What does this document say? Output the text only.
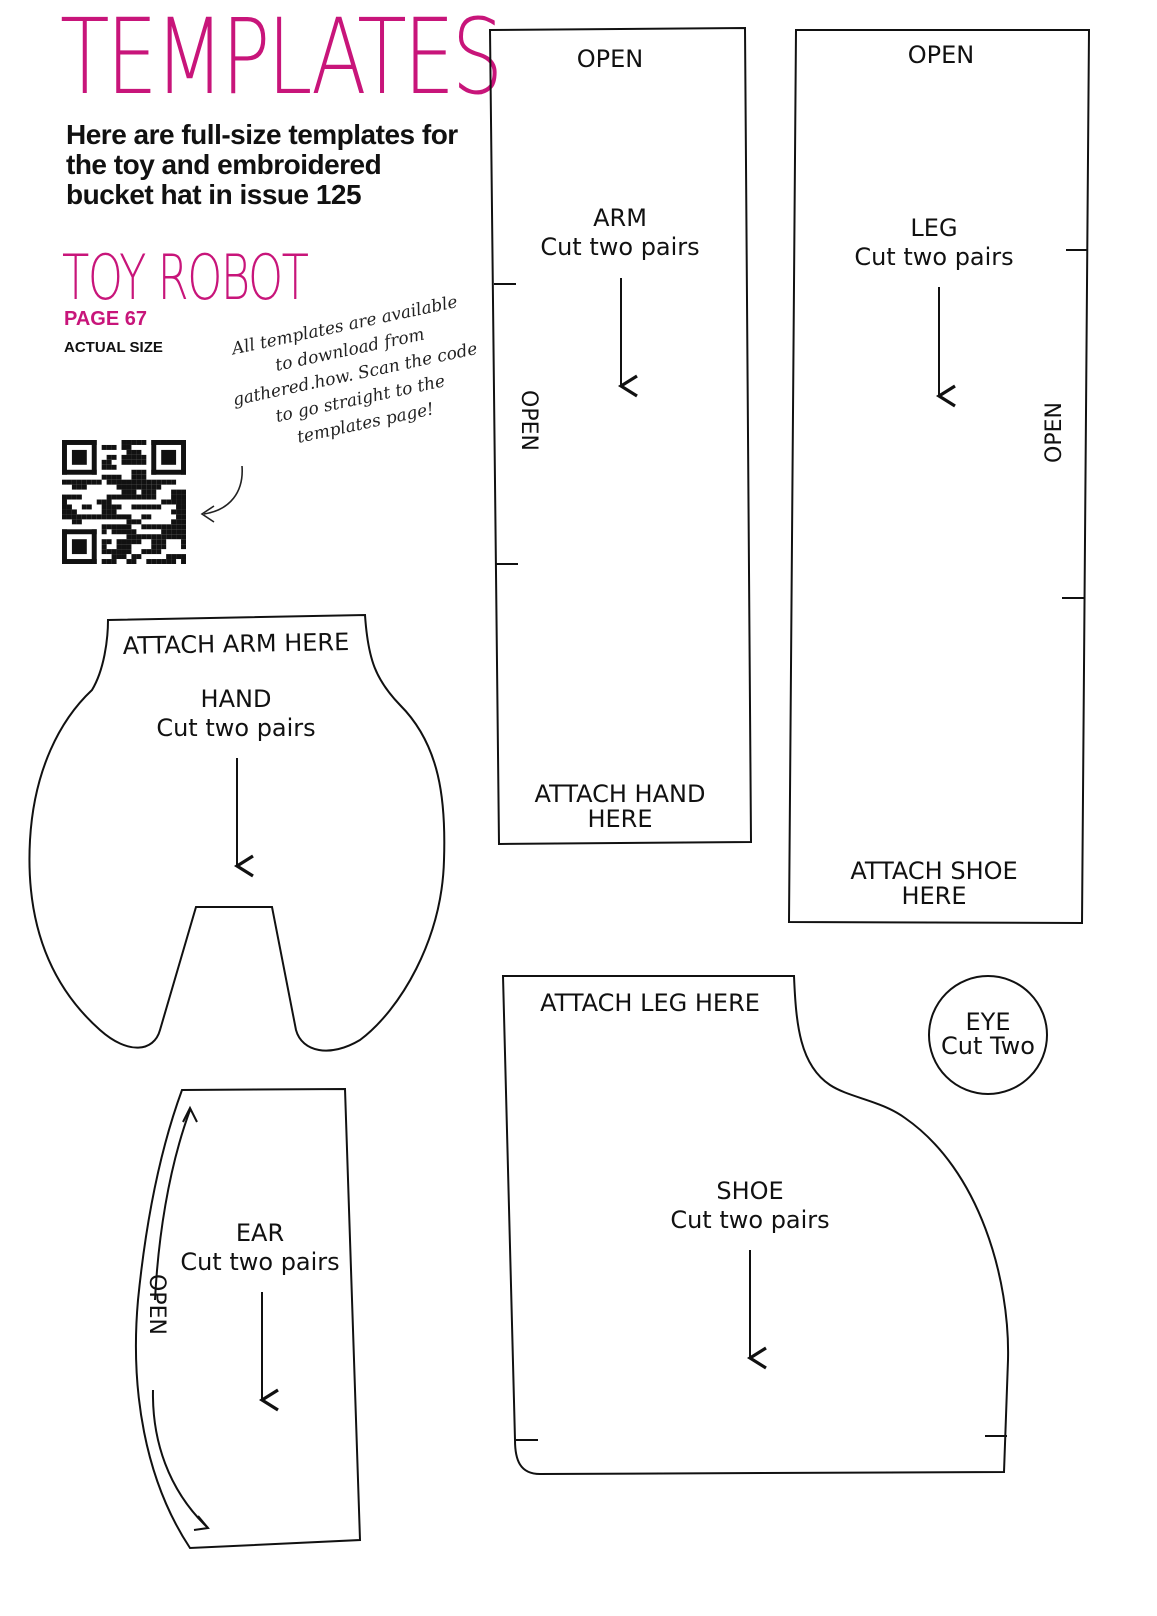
TEMPLATES
Here are full-size templates for the toy and embroidered bucket hat in issue 125
TOY ROBOT
PAGE 67
ACTUAL SIZE	All templates are available to download from gathered.how. Scan the code to go straight to the templates page!
OPEN
ARM
Cut two pairs
OPEN
ATTACH HAND
HERE
OPEN
LEG
Cut two pairs
OPEN
ATTACH SHOE
HERE
ATTACH ARM HERE
HAND
Cut two pairs
EAR
Cut two pairs
OPEN
ATTACH LEG HERE
SHOE
Cut two pairs
EYE
Cut Two
